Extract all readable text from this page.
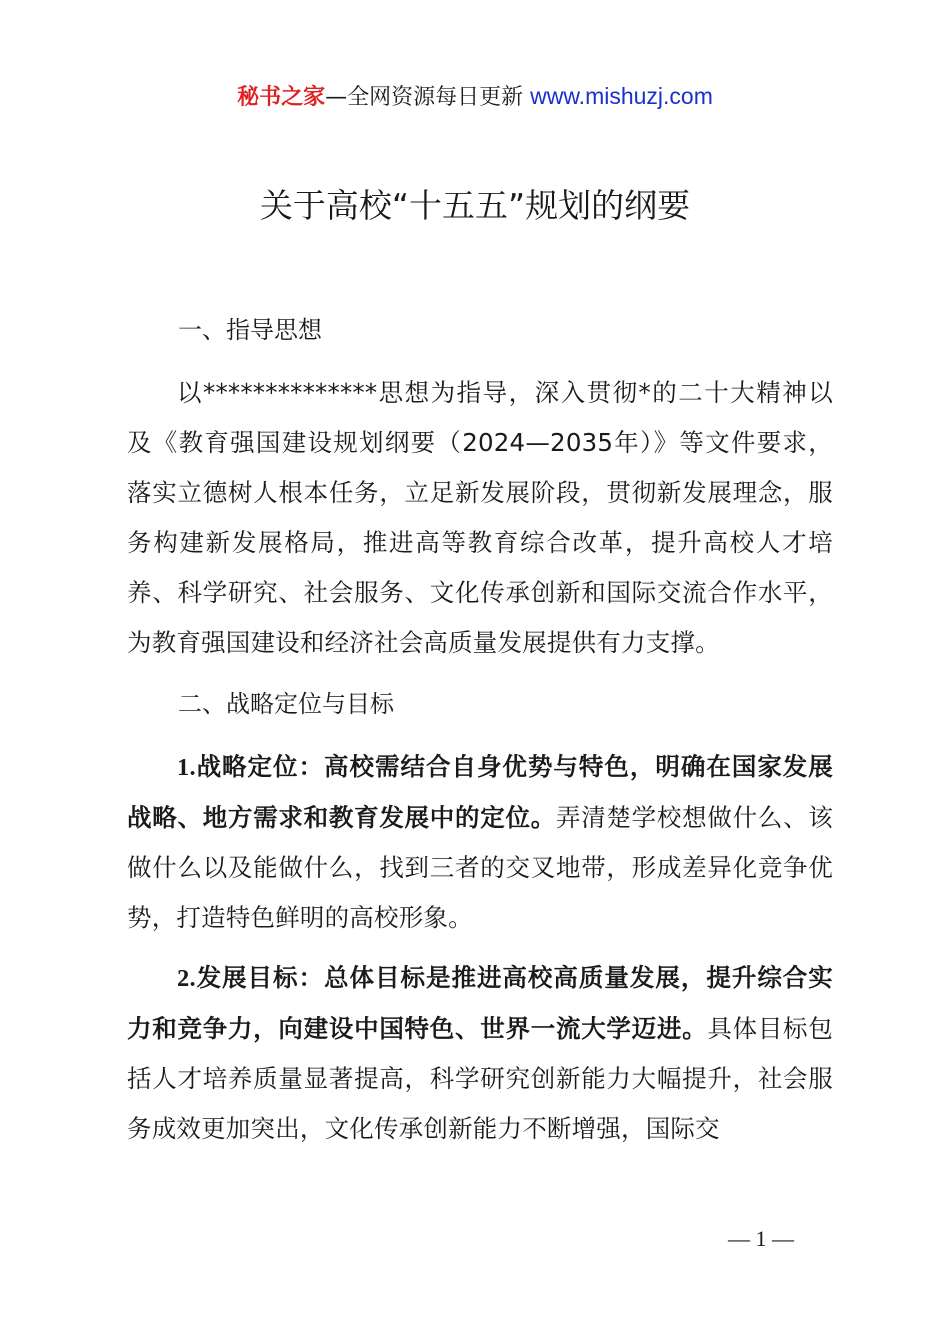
秘书之家—全网资源每日更新 www.mishuzj.com
关于高校“十五五”规划的纲要
一、指导思想

以**************思想为指导，深入贯彻*的二十大精神以及《教育强国建设规划纲要（2024—2035年）》等文件要求，落实立德树人根本任务，立足新发展阶段，贯彻新发展理念，服务构建新发展格局，推进高等教育综合改革，提升高校人才培养、科学研究、社会服务、文化传承创新和国际交流合作水平，为教育强国建设和经济社会高质量发展提供有力支撑。

二、战略定位与目标

1.战略定位：高校需结合自身优势与特色，明确在国家发展战略、地方需求和教育发展中的定位。弄清楚学校想做什么、该做什么以及能做什么，找到三者的交叉地带，形成差异化竞争优势，打造特色鲜明的高校形象。

2.发展目标：总体目标是推进高校高质量发展，提升综合实力和竞争力，向建设中国特色、世界一流大学迈进。具体目标包括人才培养质量显著提高，科学研究创新能力大幅提升，社会服务成效更加突出，文化传承创新能力不断增强，国际交

— 1 —
